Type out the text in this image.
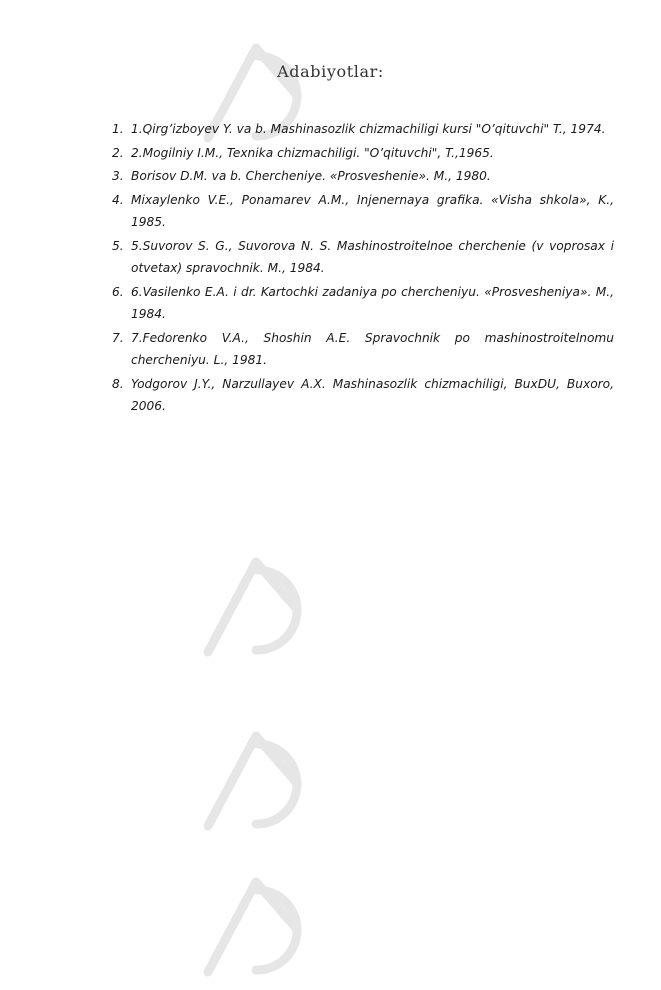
Adabiyotlar:
1. 1.Qirg’izboyev Y. va b. Mashinasozlik chizmachiligi kursi "O’qituvchi" T., 1974.
2. 2.Mogilniy I.M., Texnika chizmachiligi. "O’qituvchi", T.,1965.
3. Borisov D.M. va b. Chercheniye. «Prosveshenie». M., 1980.
4. Mixaylenko V.E., Ponamarev A.M., Injenernaya grafika. «Visha shkola», K., 1985.
5. 5.Suvorov S. G., Suvorova N. S. Mashinostroitelnoe cherchenie (v voprosax i otvetax) spravochnik. M., 1984.
6. 6.Vasilenko E.A. i dr. Kartochki zadaniya po chercheniyu. «Prosvesheniya». M., 1984.
7. 7.Fedorenko V.A., Shoshin A.E. Spravochnik po mashinostroitelnomu chercheniyu. L., 1981.
8. Yodgorov J.Y., Narzullayev A.X. Mashinasozlik chizmachiligi, BuxDU, Buxoro, 2006.
